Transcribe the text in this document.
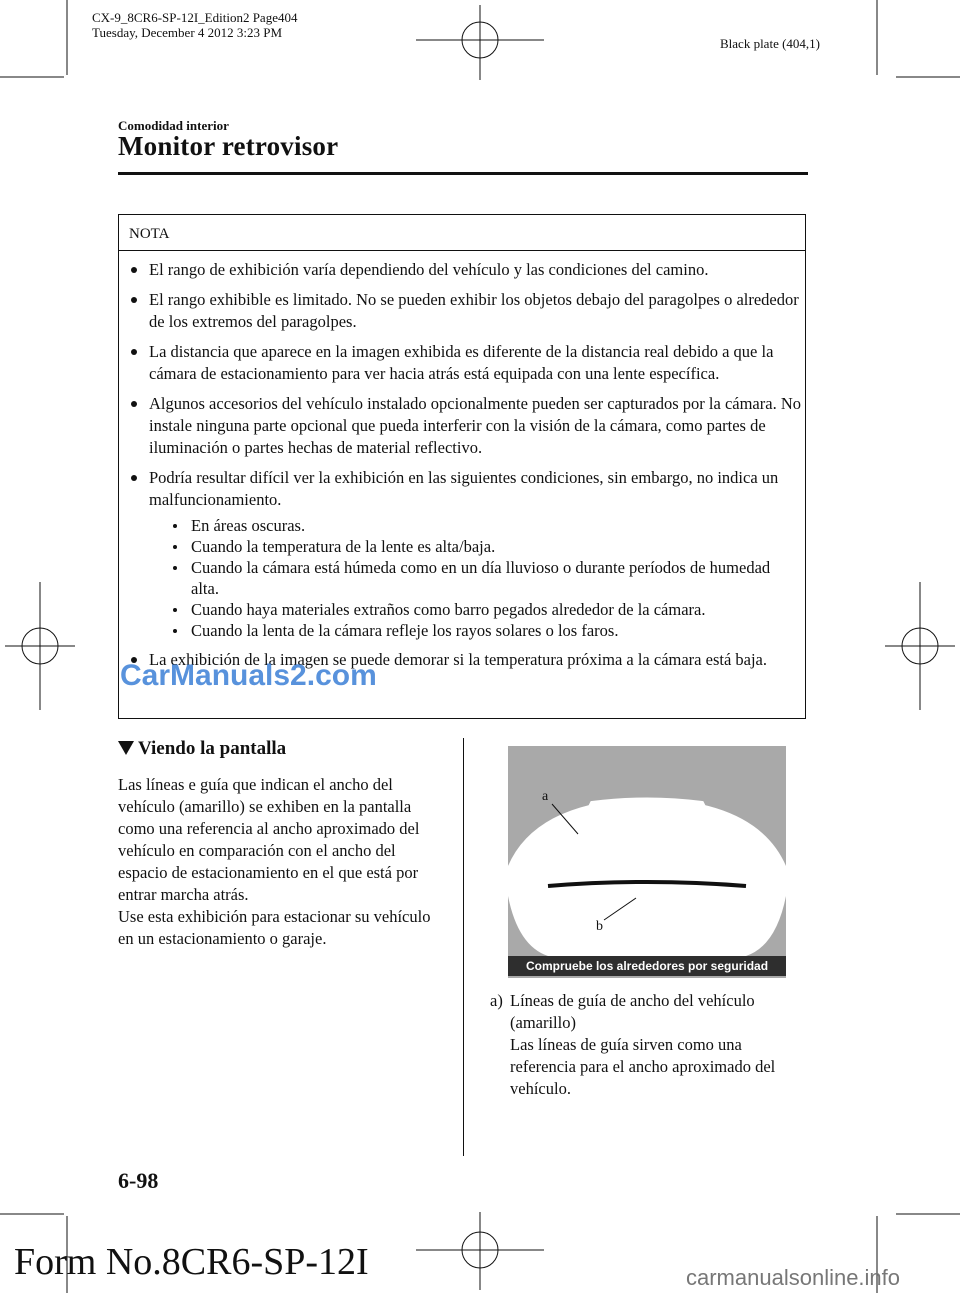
CX-9_8CR6-SP-12I_Edition2 Page404
Tuesday, December 4 2012 3:23 PM
Black plate (404,1)
Comodidad interior
Monitor retrovisor
NOTA
El rango de exhibición varía dependiendo del vehículo y las condiciones del camino.
El rango exhibible es limitado. No se pueden exhibir los objetos debajo del paragolpes o alrededor de los extremos del paragolpes.
La distancia que aparece en la imagen exhibida es diferente de la distancia real debido a que la cámara de estacionamiento para ver hacia atrás está equipada con una lente específica.
Algunos accesorios del vehículo instalado opcionalmente pueden ser capturados por la cámara. No instale ninguna parte opcional que pueda interferir con la visión de la cámara, como partes de iluminación o partes hechas de material reflectivo.
Podría resultar difícil ver la exhibición en las siguientes condiciones, sin embargo, no indica un malfuncionamiento.
En áreas oscuras.
Cuando la temperatura de la lente es alta/baja.
Cuando la cámara está húmeda como en un día lluvioso o durante períodos de humedad alta.
Cuando haya materiales extraños como barro pegados alrededor de la cámara.
Cuando la lenta de la cámara refleje los rayos solares o los faros.
La exhibición de la imagen se puede demorar si la temperatura próxima a la cámara está baja.
CarManuals2.com
Viendo la pantalla
Las líneas e guía que indican el ancho del vehículo (amarillo) se exhiben en la pantalla como una referencia al ancho aproximado del vehículo en comparación con el ancho del espacio de estacionamiento en el que está por entrar marcha atrás.
Use esta exhibición para estacionar su vehículo en un estacionamiento o garaje.
a
b
Compruebe los alrededores por seguridad
a) Líneas de guía de ancho del vehículo (amarillo)
Las líneas de guía sirven como una referencia para el ancho aproximado del vehículo.
6-98
Form No.8CR6-SP-12I	carmanualsonline.info
